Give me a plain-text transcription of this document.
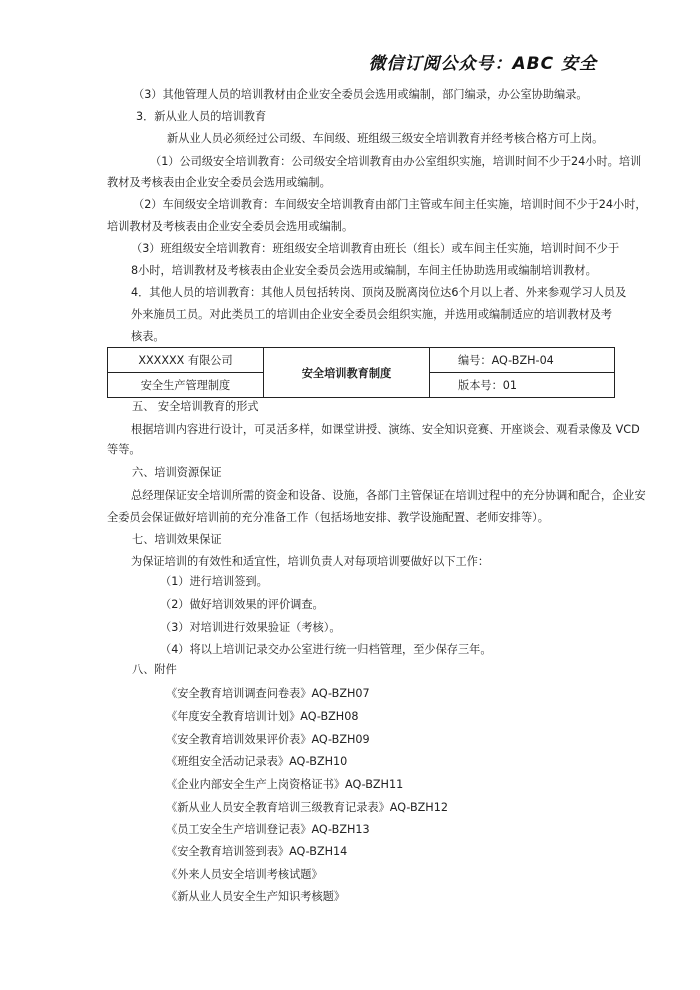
微信订阅公众号：ABC 安全
（3）其他管理人员的培训教材由企业安全委员会选用或编制，部门编录，办公室协助编录。
3．新从业人员的培训教育
新从业人员必须经过公司级、车间级、班组级三级安全培训教育并经考核合格方可上岗。
（1）公司级安全培训教育：公司级安全培训教育由办公室组织实施，培训时间不少于24小时。培训
教材及考核表由企业安全委员会选用或编制。
（2）车间级安全培训教育：车间级安全培训教育由部门主管或车间主任实施，培训时间不少于24小时，
培训教材及考核表由企业安全委员会选用或编制。
（3）班组级安全培训教育：班组级安全培训教育由班长（组长）或车间主任实施，培训时间不少于
8小时，培训教材及考核表由企业安全委员会选用或编制，车间主任协助选用或编制培训教材。
4．其他人员的培训教育：其他人员包括转岗、顶岗及脱离岗位达6个月以上者、外来参观学习人员及
外来施员工员。对此类员工的培训由企业安全委员会组织实施，并选用或编制适应的培训教材及考
核表。
XXXXXX 有限公司	安全培训教育制度	编号：AQ-BZH-04
安全生产管理制度		版本号：01
五、 安全培训教育的形式
根据培训内容进行设计，可灵活多样，如课堂讲授、演练、安全知识竞赛、开座谈会、观看录像及 VCD
等等。
六、培训资源保证
总经理保证安全培训所需的资金和设备、设施，各部门主管保证在培训过程中的充分协调和配合，企业安
全委员会保证做好培训前的充分准备工作（包括场地安排、教学设施配置、老师安排等）。
七、培训效果保证
为保证培训的有效性和适宜性，培训负责人对每项培训要做好以下工作：
（1）进行培训签到。
（2）做好培训效果的评价调查。
（3）对培训进行效果验证（考核）。
（4）将以上培训记录交办公室进行统一归档管理，至少保存三年。
八、附件
《安全教育培训调查问卷表》AQ-BZH07
《年度安全教育培训计划》AQ-BZH08
《安全教育培训效果评价表》AQ-BZH09
《班组安全活动记录表》AQ-BZH10
《企业内部安全生产上岗资格证书》AQ-BZH11
《新从业人员安全教育培训三级教育记录表》AQ-BZH12
《员工安全生产培训登记表》AQ-BZH13
《安全教育培训签到表》AQ-BZH14
《外来人员安全培训考核试题》
《新从业人员安全生产知识考核题》
